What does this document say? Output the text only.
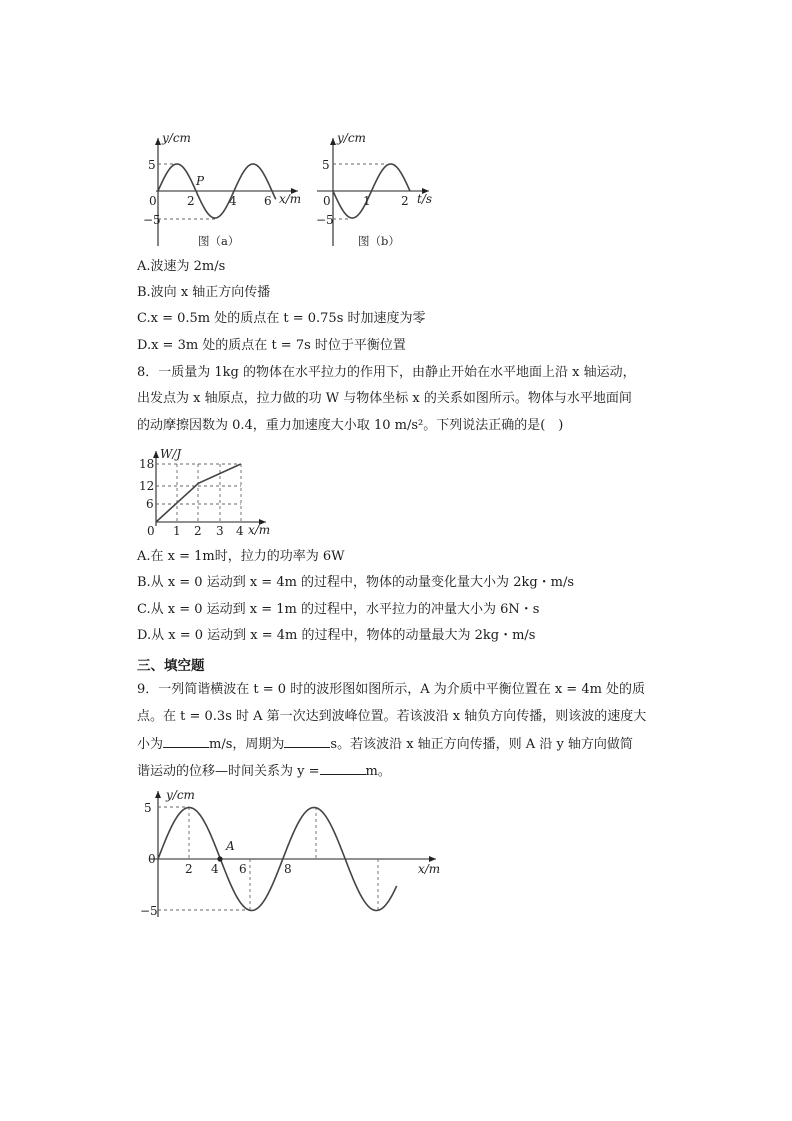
y/cm
x/m
P
5
−5
0	2	4 6
图（a）
y/cm
t/s
5
−5
0	1	2
图（b）
A.波速为 2m/s
B.波向 x 轴正方向传播
C.x = 0.5m 处的质点在 t = 0.75s 时加速度为零
D.x = 3m 处的质点在 t = 7s 时位于平衡位置
8．一质量为 1kg 的物体在水平拉力的作用下，由静止开始在水平地面上沿 x 轴运动，
出发点为 x 轴原点，拉力做的功 W 与物体坐标 x 的关系如图所示。物体与水平地面间
的动摩擦因数为 0.4，重力加速度大小取 10 m/s²。下列说法正确的是(　)
W/J
x/m
18
12
6
0 1 2 3 4
A.在 x = 1m时，拉力的功率为 6W
B.从 x = 0 运动到 x = 4m 的过程中，物体的动量变化量大小为 2kg・m/s
C.从 x = 0 运动到 x = 1m 的过程中，水平拉力的冲量大小为 6N・s
D.从 x = 0 运动到 x = 4m 的过程中，物体的动量最大为 2kg・m/s
三、填空题
9．一列简谐横波在 t = 0 时的波形图如图所示，A 为介质中平衡位置在 x = 4m 处的质
点。在 t = 0.3s 时 A 第一次达到波峰位置。若该波沿 x 轴负方向传播，则该波的速度大
小为	m/s，周期为	s。若该波沿 x 轴正方向传播，则 A 沿 y 轴方向做简
谐运动的位移—时间关系为 y =	m。
y/cm
x/m
A
5
−5
0
2 4 6	8
